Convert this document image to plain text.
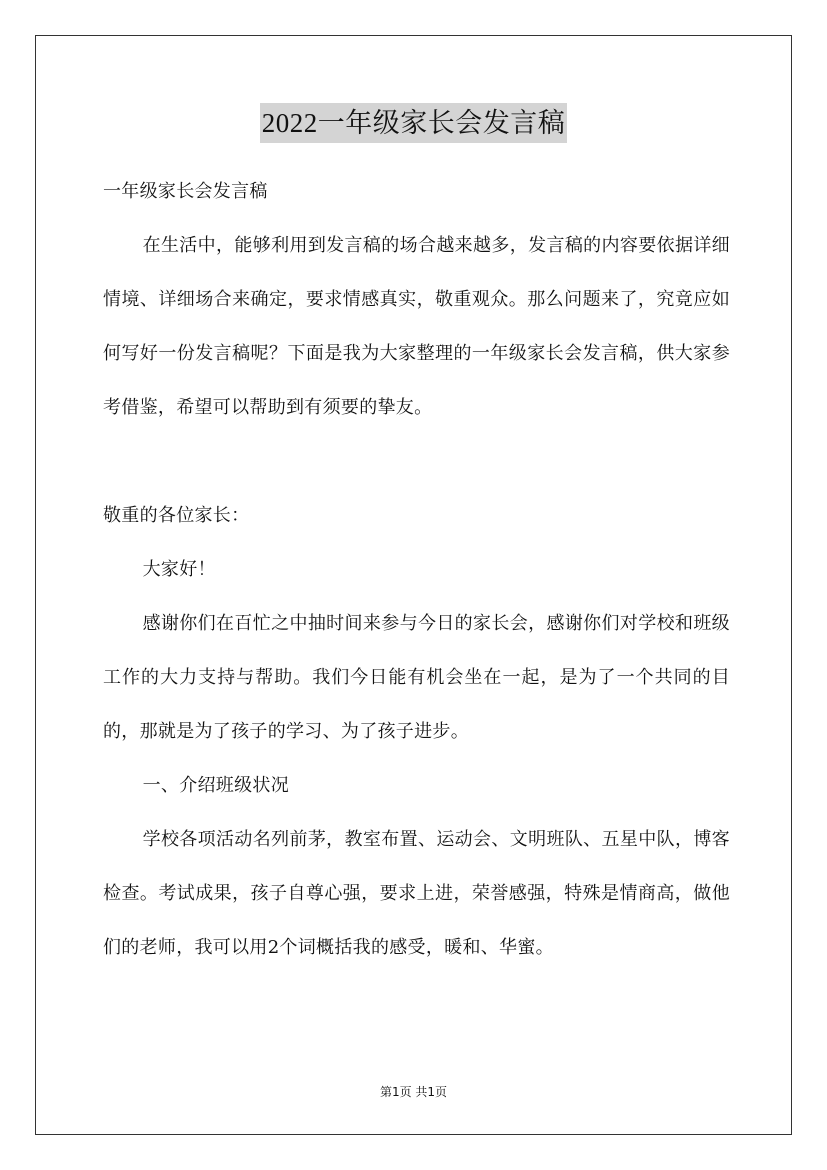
2022一年级家长会发言稿

一年级家长会发言稿

在生活中，能够利用到发言稿的场合越来越多，发言稿的内容要依据详细情境、详细场合来确定，要求情感真实，敬重观众。那么问题来了，究竟应如何写好一份发言稿呢？下面是我为大家整理的一年级家长会发言稿，供大家参考借鉴，希望可以帮助到有须要的挚友。

敬重的各位家长：

大家好！

感谢你们在百忙之中抽时间来参与今日的家长会，感谢你们对学校和班级工作的大力支持与帮助。我们今日能有机会坐在一起，是为了一个共同的目的，那就是为了孩子的学习、为了孩子进步。

一、介绍班级状况

学校各项活动名列前茅，教室布置、运动会、文明班队、五星中队，博客检查。考试成果，孩子自尊心强，要求上进，荣誉感强，特殊是情商高，做他们的老师，我可以用2个词概括我的感受，暖和、华蜜。

第1页 共1页
